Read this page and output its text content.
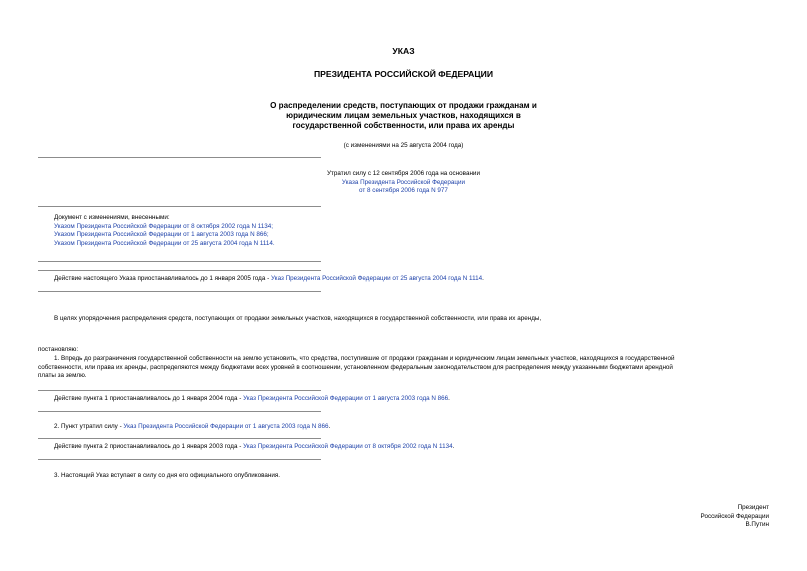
УКАЗ
ПРЕЗИДЕНТА РОССИЙСКОЙ ФЕДЕРАЦИИ
О распределении средств, поступающих от продажи гражданам и
юридическим лицам земельных участков, находящихся в
государственной собственности, или права их аренды
(с изменениями на 25 августа 2004 года)
Утратил силу с 12 сентября 2006 года на основании
Указа Президента Российской Федерации
от 8 сентября 2006 года N 977
Документ с изменениями, внесенными:
Указом Президента Российской Федерации от 8 октября 2002 года N 1134;
Указом Президента Российской Федерации от 1 августа 2003 года N 866;
Указом Президента Российской Федерации от 25 августа 2004 года N 1114.
Действие настоящего Указа приостанавливалось до 1 января 2005 года - Указ Президента Российской Федерации от 25 августа 2004 года N 1114.
В целях упорядочения распределения средств, поступающих от продажи земельных участков, находящихся в государственной собственности, или права их аренды,
постановляю:
1. Впредь до разграничения государственной собственности на землю установить, что средства, поступившие от продажи гражданам и юридическим лицам земельных участков, находящихся в государственной
собственности, или права их аренды, распределяются между бюджетами всех уровней в соотношении, установленном федеральным законодательством для распределения между указанными бюджетами арендной
платы за землю.
Действие пункта 1 приостанавливалось до 1 января 2004 года - Указ Президента Российской Федерации от 1 августа 2003 года N 866.
2. Пункт утратил силу - Указ Президента Российской Федерации от 1 августа 2003 года N 866.
Действие пункта 2 приостанавливалось до 1 января 2003 года - Указ Президента Российской Федерации от 8 октября 2002 года N 1134.
3. Настоящий Указ вступает в силу со дня его официального опубликования.
Президент
Российской Федерации
В.Путин
